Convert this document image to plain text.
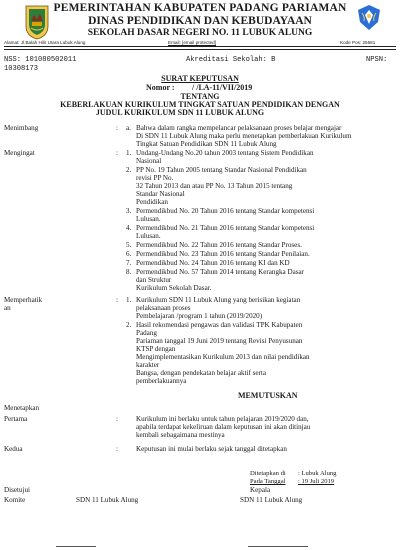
PEMERINTAHAN KABUPATEN PADANG PARIAMAN
DINAS PENDIDIKAN DAN KEBUDAYAAN
SEKOLAH DASAR NEGERI NO. 11 LUBUK ALUNG
Alamat: Jl.Balah Hilir Utara Lubuk Alung	Email: [email protected]	Kode Pos: 25581
NSS: 101080502011	Akreditasi Sekolah: B	NPSN:
10308173
SURAT KEPUTUSAN
Nomor : / /LA-11/VII/2019
TENTANG
KEBERLAKUAN KURIKULUM TINGKAT SATUAN PENDIDIKAN DENGAN
JUDUL KURIKULUM SDN 11 LUBUK ALUNG
Menimbang	: a. Bahwa dalam rangka mempelancar pelaksanaan proses belajar mengajar
Di SDN 11 Lubuk Alung maka perlu menetapkan pemberlakuan Kurikulum
Tingkat Satuan Pendidikan SDN 11 Lubuk Alung
Mengingat	: 1. Undang-Undang No.20 tahun 2003 tentang Sistem Pendidikan
Nasional
2. PP No. 19 Tahun 2005 tentang Standar Nasional Pendidikan
revisi PP No.
32 Tahun 2013 dan atau PP No. 13 Tahun 2015 tentang
Standar Nasional
Pendidikan
3. Permendikbud No. 20 Tahun 2016 tentang Standar kompetensi
Lulusan.
4. Permendikbud No. 21 Tahun 2016 tentang Standar kompetensi
Lulusan.
5. Permendikbud No. 22 Tahun 2016 tentang Standar Proses.
6. Permendikbud No. 23 Tahun 2016 tentang Standar Penilaian.
7. Permendikbud No. 24 Tahun 2016 tentang KI dan KD
8. Permendikbud No. 57 Tahun 2014 tentang Kerangka Dasar
dan Struktur
Kurikulum Sekolah Dasar.
Memperhatik
an
: 1. Kurikulum SDN 11 Lubuk Alung yang berisikan kegiatan
pelaksanaan proses
Pembelajaran /program 1 tahun (2019/2020)
2. Hasil rekomendasi pengawas dan validasi TPK Kabupaten
Padang
Pariaman tanggal 19 Juni 2019 tentang Revisi Penyusunan
KTSP dengan
Mengimplementasikan Kurikulum 2013 dan nilai pendidikan
karakter
Bangsa, dengan pendekatan belajar aktif serta
pemberlakuannya
MEMUTUSKAN
Menetapkan
Pertama	:	Kurikulum ini berlaku untuk tahun pelajaran 2019/2020 dan,
apabila terdapat kekeliruan dalam keputusan ini akan ditinjau
kembali sebagaimana mestinya
Kedua	:	Keputusan ini mulai berlaku sejak tanggal ditetapkan
Ditetapkan di : Lubuk Alung
Pada Tanggal : 19 Juli 2019
Disetujui
Komite	SDN 11 Lubuk Alung
Kepala
SDN 11 Lubuk Alung
